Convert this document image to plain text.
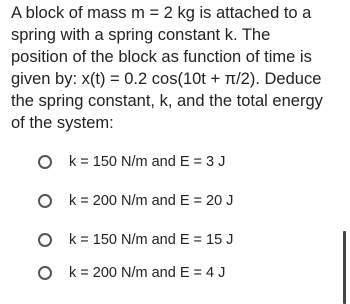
A block of mass m = 2 kg is attached to a
spring with a spring constant k. The
position of the block as function of time is
given by: x(t) = 0.2 cos(10t + π/2). Deduce
the spring constant, k, and the total energy
of the system:

k = 150 N/m and E = 3 J
k = 200 N/m and E = 20 J
k = 150 N/m and E = 15 J
k = 200 N/m and E = 4 J
